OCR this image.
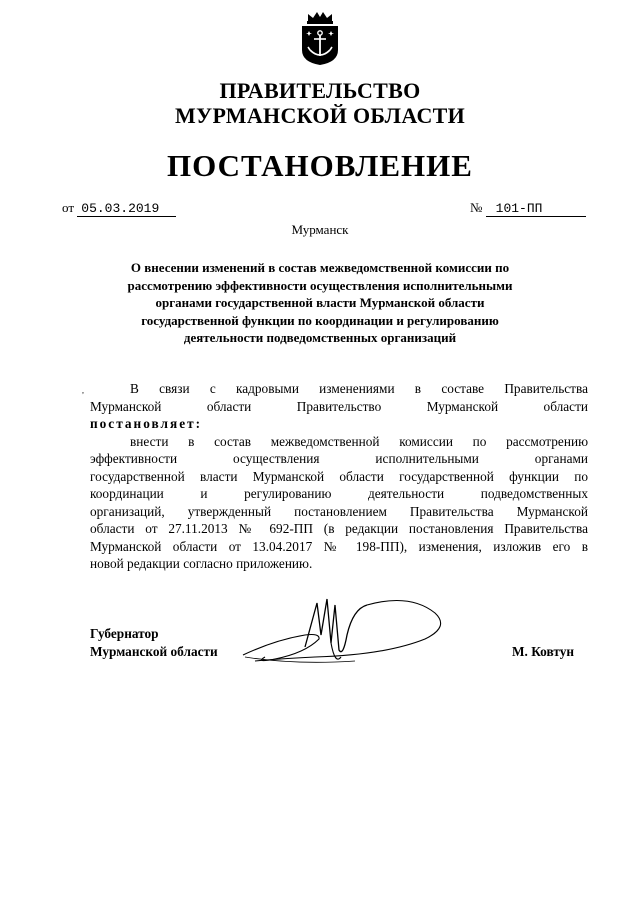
ПРАВИТЕЛЬСТВО
МУРМАНСКОЙ ОБЛАСТИ
ПОСТАНОВЛЕНИЕ
от 05.03.2019	№ 101-ПП
Мурманск
О внесении изменений в состав межведомственной комиссии по
рассмотрению эффективности осуществления исполнительными
органами государственной власти Мурманской области
государственной функции по координации и регулированию
деятельности подведомственных организаций
,	В связи с кадровыми изменениями в составе Правительства
Мурманской области Правительство Мурманской области
постановляет:
внести в состав межведомственной комиссии по рассмотрению
эффективности осуществления исполнительными органами
государственной власти Мурманской области государственной функции по
координации и регулированию деятельности подведомственных
организаций, утвержденный постановлением Правительства Мурманской
области от 27.11.2013 № 692-ПП (в редакции постановления Правительства
Мурманской области от 13.04.2017 № 198-ПП), изменения, изложив его в
новой редакции согласно приложению.
Губернатор
Мурманской области	М. Ковтун
